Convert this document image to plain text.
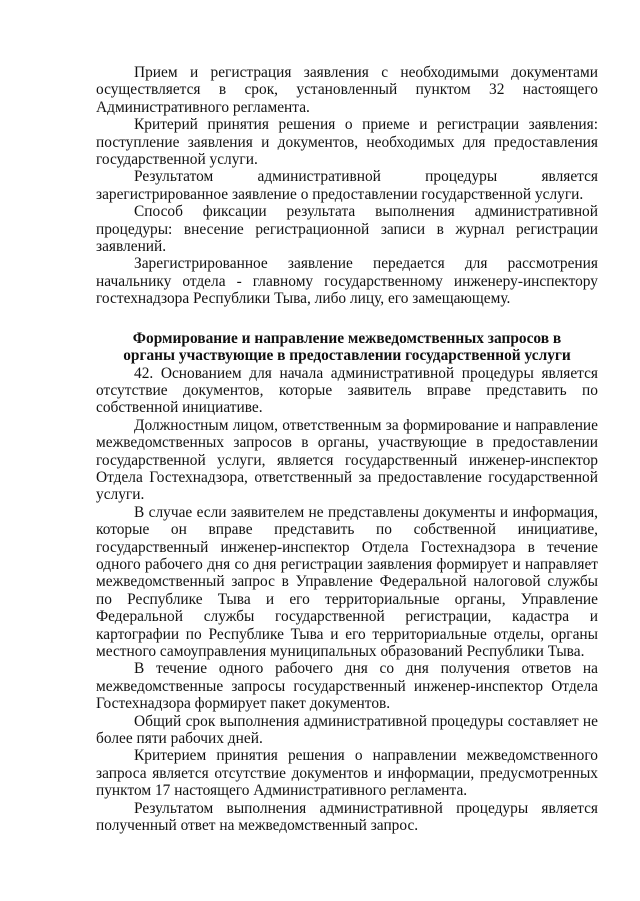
Прием и регистрация заявления с необходимыми документами осуществляется в срок, установленный пунктом 32 настоящего Административного регламента.

Критерий принятия решения о приеме и регистрации заявления: поступление заявления и документов, необходимых для предоставления государственной услуги.

Результатом административной процедуры является зарегистрированное заявление о предоставлении государственной услуги.

Способ фиксации результата выполнения административной процедуры: внесение регистрационной записи в журнал регистрации заявлений.

Зарегистрированное заявление передается для рассмотрения начальнику отдела - главному государственному инженеру-инспектору гостехнадзора Республики Тыва, либо лицу, его замещающему.

Формирование и направление межведомственных запросов в
органы участвующие в предоставлении государственной услуги

42. Основанием для начала административной процедуры является отсутствие документов, которые заявитель вправе представить по собственной инициативе.

Должностным лицом, ответственным за формирование и направление межведомственных запросов в органы, участвующие в предоставлении государственной услуги, является государственный инженер-инспектор Отдела Гостехнадзора, ответственный за предоставление государственной услуги.

В случае если заявителем не представлены документы и информация, которые он вправе представить по собственной инициативе, государственный инженер-инспектор Отдела Гостехнадзора в течение одного рабочего дня со дня регистрации заявления формирует и направляет межведомственный запрос в Управление Федеральной налоговой службы по Республике Тыва и его территориальные органы, Управление Федеральной службы государственной регистрации, кадастра и картографии по Республике Тыва и его территориальные отделы, органы местного самоуправления муниципальных образований Республики Тыва.

В течение одного рабочего дня со дня получения ответов на межведомственные запросы государственный инженер-инспектор Отдела Гостехнадзора формирует пакет документов.

Общий срок выполнения административной процедуры составляет не более пяти рабочих дней.

Критерием принятия решения о направлении межведомственного запроса является отсутствие документов и информации, предусмотренных пунктом 17 настоящего Административного регламента.

Результатом выполнения административной процедуры является полученный ответ на межведомственный запрос.
